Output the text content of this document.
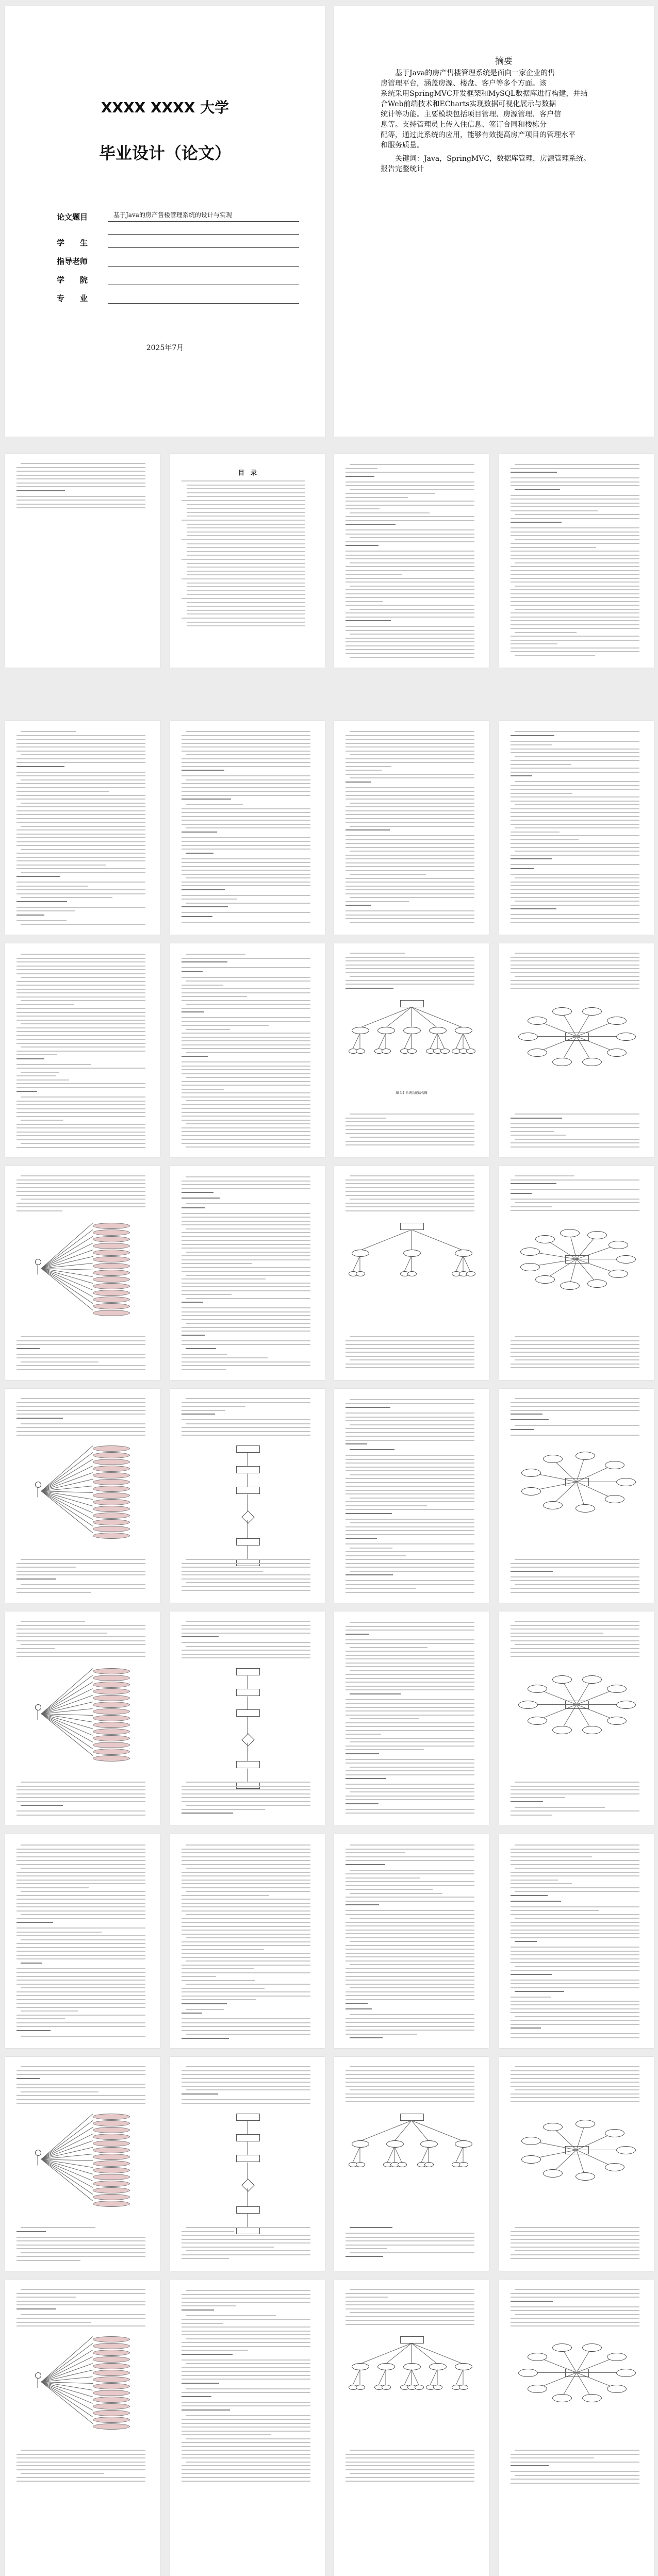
XXXX XXXX 大学
毕业设计（论文）
论文题目	基于Java的房产售楼管理系统的设计与实现
学　　生
指导老师
学　　院
专　　业
2025年7月
摘要
基于Java的房产售楼管理系统是面向一家企业的售
房管理平台，涵盖房源、楼盘、客户等多个方面。该
系统采用SpringMVC开发框架和MySQL数据库进行构建，并结
合Web前端技术和ECharts实现数据可视化展示与数据
统计等功能。主要模块包括项目管理、房源管理、客户信
息等。支持管理员上传入住信息、签订合同和楼栋分
配等，通过此系统的应用，能够有效提高房产项目的管理水平
和服务质量。
关键词：Java，SpringMVC，数据库管理，房源管理系统。
报告完整统计
目　录
图 3-1 系统功能结构图
